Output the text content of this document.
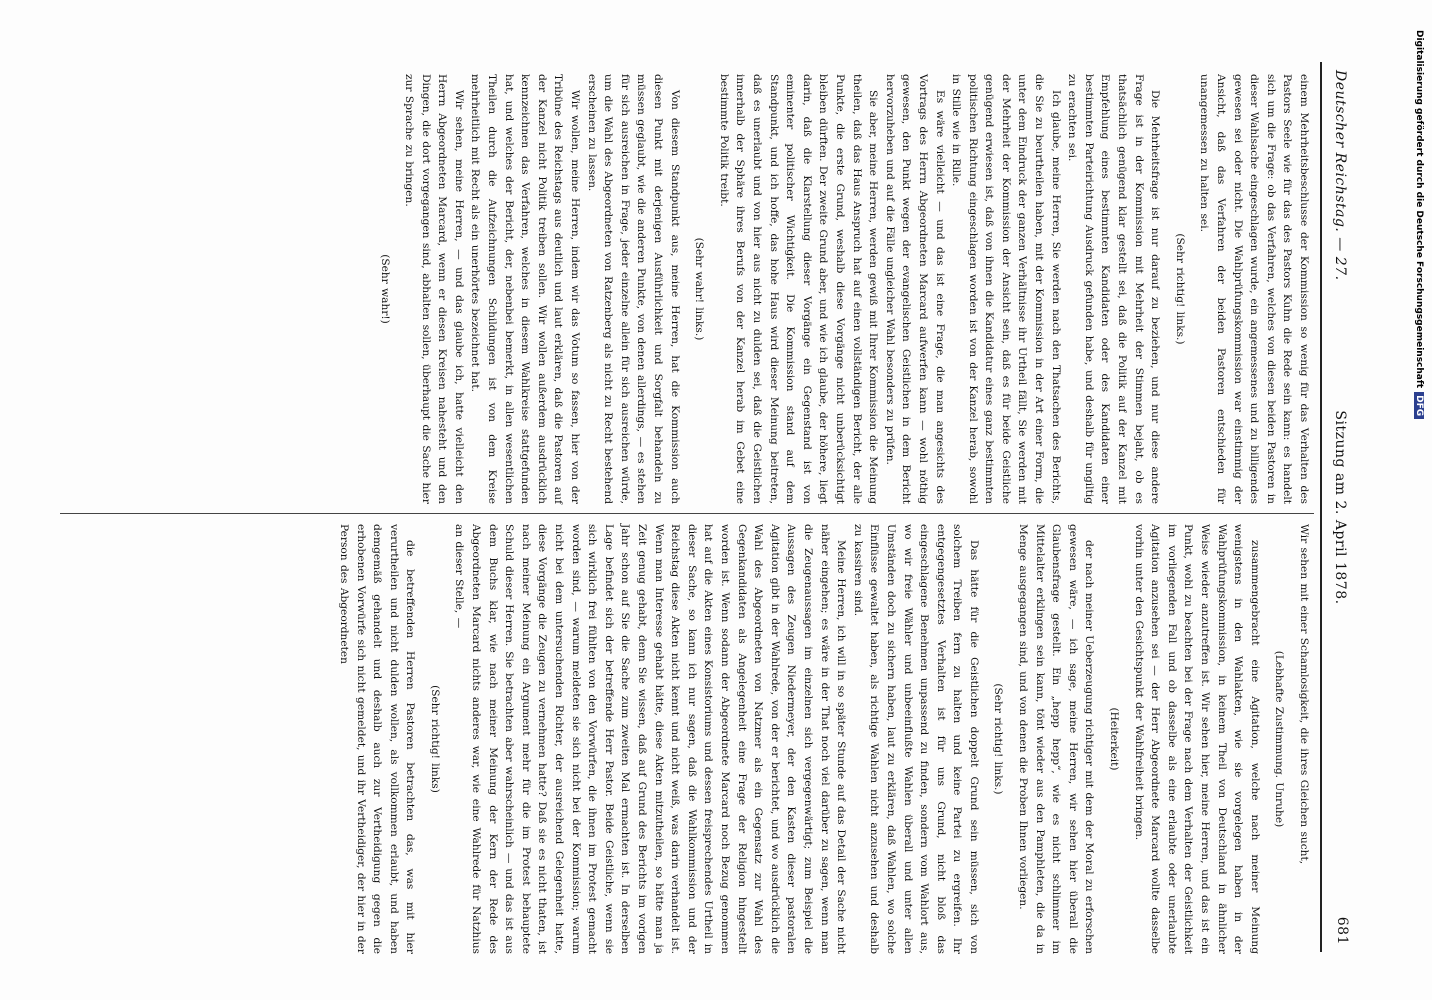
Deutscher Reichstag. — 27.
Sitzung am 2. April 1878.
681

einem Mehrheitsbeschlusse der Kommission so wenig für das Verhalten des Pastors Seele wie für das des Pastors Kuhn die Rede sein kann: es handelt sich um die Frage: ob das Verfahren, welches von diesen beiden Pastoren in dieser Wahlsache eingeschlagen wurde, ein angemessenes und zu billigendes gewesen sei oder nicht. Die Wahlprüfungskommission war einstimmig der Ansicht, daß das Verfahren der beiden Pastoren entschieden für unangemessen zu halten sei.

(Sehr richtig! links.)

Die Mehrheitsfrage ist nur darauf zu beziehen, und nur diese andere Frage ist in der Kommission mit Mehrheit der Stimmen bejaht, ob es thatsächlich genügend klar gestellt sei, daß die Politik auf der Kanzel mit Empfehlung eines bestimmten Kandidaten oder des Kandidaten einer bestimmten Parteirichtung Ausdruck gefunden habe, und deshalb für ungiltig zu erachten sei.

Ich glaube, meine Herren, Sie werden nach den Thatsachen des Berichts, die Sie zu beurtheilen haben, mit der Kommission in der Art einer Form, die unter dem Eindruck der ganzen Verhältnisse ihr Urtheil fällt, Sie werden mit der Mehrheit der Kommission der Ansicht sein, daß es für beide Geistliche genügend erwiesen ist, daß von ihnen die Kandidatur eines ganz bestimmten politischen Richtung eingeschlagen worden ist von der Kanzel herab, sowohl in Stille wie in Rille.

Es wäre vielleicht — und das ist eine Frage, die man angesichts des Vortrags des Herrn Abgeordneten Marcard aufwerfen kann — wohl nöthig gewesen, den Punkt wegen der evangelischen Geistlichen in dem Bericht hervorzuheben und auf die Fälle ungleicher Wahl besonders zu prüfen.

Sie aber, meine Herren, werden gewiß mit Ihrer Kommission die Meinung theilen, daß das Haus Anspruch hat auf einen vollständigen Bericht, der alle Punkte, die erste Grund, weshalb diese Vorgänge nicht unberücksichtigt bleiben dürften. Der zweite Grund aber, und wie ich glaube, der höhere, liegt darin, daß die Klarstellung dieser Vorgänge ein Gegenstand ist von eminenter politischer Wichtigkeit. Die Kommission stand auf dem Standpunkt, und ich hoffe, das hohe Haus wird dieser Meinung beitreten, daß es unerlaubt und von hier aus nicht zu dulden sei, daß die Geistlichen innerhalb der Sphäre ihres Berufs von der Kanzel herab im Gebet eine bestimmte Politik treibt.

(Sehr wahr! links.)

Von diesem Standpunkt aus, meine Herren, hat die Kommission auch diesen Punkt mit derjenigen Ausführlichkeit und Sorgfalt behandeln zu müssen geglaubt, wie die anderen Punkte, von denen allerdings, — es stehen für sich ausreichen in Frage, jeder einzelne allein für sich ausreichen würde, um die Wahl des Abgeordneten von Ratzenberg als nicht zu Recht bestehend erscheinen zu lassen.

Wir wollen, meine Herren, indem wir das Votum so fassen, hier von der Tribüne des Reichstags aus deutlich und laut erklären, daß die Pastoren auf der Kanzel nicht Politik treiben sollen. Wir wollen außerdem ausdrücklich kennzeichnen das Verfahren, welches in diesem Wahlkreise stattgefunden hat, und welches der Bericht, der, nebenbei bemerkt, in allen wesentlichen Theilen durch die Aufzeichnungen Schildungen ist von dem Kreise mehrheitlich mit Recht als ein unerhörtes bezeichnet hat.

Wir sehen, meine Herren, — und das glaube ich, hatte vielleicht den Herrn Abgeordneten Marcard, wenn er diesen Kreisen nahesteht und den Dingen, die dort vorgegangen sind, abhalten sollen, überhaupt die Sache hier zur Sprache zu bringen.

(Sehr wahr!)

Wir sehen mit einer Schamlosigkeit, die ihres Gleichen sucht,

(Lebhafte Zustimmung. Unruhe)

zusammengebracht eine Agitation, welche nach meiner Meinung wenigstens in den Wahlakten, wie sie vorgelegen haben in der Wahlprüfungskommission, in keinem Theil von Deutschland in ähnlicher Weise wieder anzutreffen ist. Wir sehen hier, meine Herren, und das ist ein Punkt, wohl zu beachten bei der Frage nach dem Verhalten der Geistlichkeit im vorliegenden Fall und ob dasselbe als eine erlaubte oder unerlaubte Agitation anzusehen sei — der Herr Abgeordnete Marcard wollte dasselbe vorhin unter den Gesichtspunkt der Wahlfreiheit bringen.

(Heiterkeit)

der nach meiner Ueberzeugung richtiger mit dem der Moral zu erforschen gewesen wäre, — ich sage, meine Herren, wir sehen hier überall die Glaubensfrage gestellt. Ein „hepp hepp“, wie es nicht schlimmer im Mittelalter erklingen sein kann, tönt wieder aus den Pamphleten, die da in Menge ausgegangen sind, und von denen die Proben Ihnen vorliegen.

(Sehr richtig! links.)

Das hätte für die Geistlichen doppelt Grund sein müssen, sich von solchem Treiben fern zu halten und keine Partei zu ergreifen. Ihr entgegengesetztes Verhalten ist für uns Grund, nicht bloß das eingeschlagene Benehmen unpassend zu finden, sondern vom Wahlort aus, wo wir freie Wähler und unbeeinflußte Wahlen überall und unter allen Umständen doch zu sichern haben, laut zu erklären, daß Wahlen, wo solche Einflüsse gewaltet haben, als richtige Wahlen nicht anzusehen und deshalb zu kassiren sind.

Meine Herren, ich will in so später Stunde auf das Detail der Sache nicht näher eingehen; es wäre in der That noch viel darüber zu sagen, wenn man die Zeugenaussagen im einzelnen sich vergegenwärtigt; zum Beispiel die Aussagen des Zeugen Niedermeyer, der den Kasten dieser pastoralen Agitation gibt in der Wahlrede, von der er berichtet, und wo ausdrücklich die Wahl des Abgeordneten von Natzmer als ein Gegensatz zur Wahl des Gegenkandidaten als Angelegenheit eine Frage der Religion hingestellt worden ist. Wenn sodann der Abgeordnete Marcard noch Bezug genommen hat auf die Akten eines Konsistoriums und dessen freisprechendes Urtheil in dieser Sache, so kann ich nur sagen, daß die Wahlkommission und der Reichstag diese Akten nicht kennt und nicht weiß, was darin verhandelt ist. Wenn man Interesse gehabt hätte, diese Akten mitzutheilen, so hätte man ja Zeit genug gehabt, denn Sie wissen, daß auf Grund des Berichts im vorigen Jahr schon auf Sie die Sache zum zweiten Mal ermachten ist. In derselben Lage befindet sich der betreffende Herr Pastor. Beide Geistliche, wenn sie sich wirklich frei fühlten von den Vorwürfen, die ihnen im Protest gemacht worden sind, — warum meldeten sie sich nicht bei der Kommission; warum nicht bei dem untersuchenden Richter, der ausreichend Gelegenheit hatte, diese Vorgänge die Zeugen zu vernehmen hatte? Daß sie es nicht thaten, ist nach meiner Meinung ein Argument mehr für die im Protest behauptete Schuld dieser Herren. Sie betrachten aber wahrscheinlich — und das ist aus dem Buchs klar, wie nach meiner Meinung der Kern der Rede des Abgeordneten Marcard nichts anderes war, wie eine Wahlrede für Natzhius an dieser Stelle, —

(Sehr richtig! links)

die betreffenden Herren Pastoren betrachten das, was mit hier verurtheilen und nicht dulden wollen, als vollkommen erlaubt, und haben demgemäß gehandelt und deshalb auch zur Vertheidigung gegen die erhobenen Vorwürfe sich nicht gemeldet, und ihr Vertheidiger, der hier in der Person des Abgeordneten

Digitalisierung gefördert durch die Deutsche ForschungsgemeinschaftDFG
